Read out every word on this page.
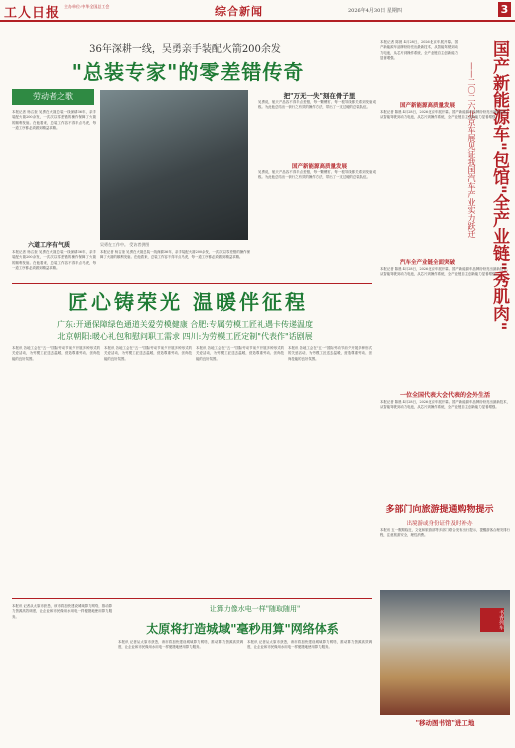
工人日报 主办单位:中华全国总工会	综合新闻	2026年4月30日 星期四	3
36年深耕一线，吴勇亲手装配火箭200余发
"总装专家"的零差错传奇
劳动者之歌
本报记者 杨召奎 吴勇在火箭总装一线深耕36年，亲手装配火箭200余发，一次次以零差错的操作保障了火箭的顺利发射。在他看来，总装工作容不得半点马虎，每一道工序都必须做到精益求精。
六道工序有气质
本报记者 杨召奎 吴勇在火箭总装一线深耕36年，亲手装配火箭200余发，一次次以零差错的操作保障了火箭的顺利发射。在他看来，总装工作容不得半点马虎，每一道工序都必须做到精益求精。
吴勇在工作中。 受访者供图
本报记者 杨召奎 吴勇在火箭总装一线深耕36年，亲手装配火箭200余发，一次次以零差错的操作保障了火箭的顺利发射。在他看来，总装工作容不得半点马虎，每一道工序都必须做到精益求精。
把"万无一失"刻在骨子里
吴勇说，航天产品容不得半点差错，每一颗螺钉、每一根导线都关系到发射成败。为此他总结出一套行之有效的操作方法，带出了一支过硬的总装队伍。
国产新能源高质量发展
吴勇说，航天产品容不得半点差错，每一颗螺钉、每一根导线都关系到发射成败。为此他总结出一套行之有效的操作方法，带出了一支过硬的总装队伍。	国产新能源车"包馆"全产业链"秀肌肉"
——二〇二六北京车展见证我国汽车产业实力跃迁
本报记者 陈晨 4月28日，2026北京车展开幕。国产新能源车品牌纷纷亮出最新技术，从智能驾驶到动力电池，从芯片到操作系统，全产业链自主创新能力显著增强。
国产新能源高质量发展
本报记者 陈晨 4月28日，2026北京车展开幕。国产新能源车品牌纷纷亮出最新技术，从智能驾驶到动力电池，从芯片到操作系统，全产业链自主创新能力显著增强。
汽车全产业链全面突破
本报记者 陈晨 4月28日，2026北京车展开幕。国产新能源车品牌纷纷亮出最新技术，从智能驾驶到动力电池，从芯片到操作系统，全产业链自主创新能力显著增强。
一位全国代表大会代表的会外生活
本报记者 陈晨 4月28日，2026北京车展开幕。国产新能源车品牌纷纷亮出最新技术，从智能驾驶到动力电池，从芯片到操作系统，全产业链自主创新能力显著增强。
匠心铸荣光 温暖伴征程
广东:开通保障绿色通道关爱劳模健康 合肥:专属劳模工匠礼遇卡传递温度
北京朝阳:暖心礼包和慰问职工需求 四川:为劳模工匠定制"代表作"话剧展
本报讯 各地工会在"五一"国际劳动节前夕开展多种形式的关爱活动，为劳模工匠送去温暖，营造尊重劳动、崇尚技能的良好氛围。
本报讯 各地工会在"五一"国际劳动节前夕开展多种形式的关爱活动，为劳模工匠送去温暖，营造尊重劳动、崇尚技能的良好氛围。
本报讯 各地工会在"五一"国际劳动节前夕开展多种形式的关爱活动，为劳模工匠送去温暖，营造尊重劳动、崇尚技能的良好氛围。
本报讯 各地工会在"五一"国际劳动节前夕开展多种形式的关爱活动，为劳模工匠送去温暖，营造尊重劳动、崇尚技能的良好氛围。
多部门向旅游提通购物提示
出境游或身份证件及时补办
本报讯 五一假期临近，文化和旅游部等多部门联合发布出行提示，提醒游客合理安排行程，注意旅游安全，理性消费。
本报讯 记者从太原市获悉，该市将加快建设城域算力网络，推动算力资源高效调度，让企业和市民像用水用电一样便捷地使用算力服务。
让算力像水电一样"随取随用"
太原将打造城域"毫秒用算"网络体系
本报讯 记者从太原市获悉，该市将加快建设城域算力网络，推动算力资源高效调度，让企业和市民像用水用电一样便捷地使用算力服务。
本报讯 记者从太原市获悉，该市将加快建设城域算力网络，推动算力资源高效调度，让企业和市民像用水用电一样便捷地使用算力服务。
书香列车
"移动图书馆"进工地
